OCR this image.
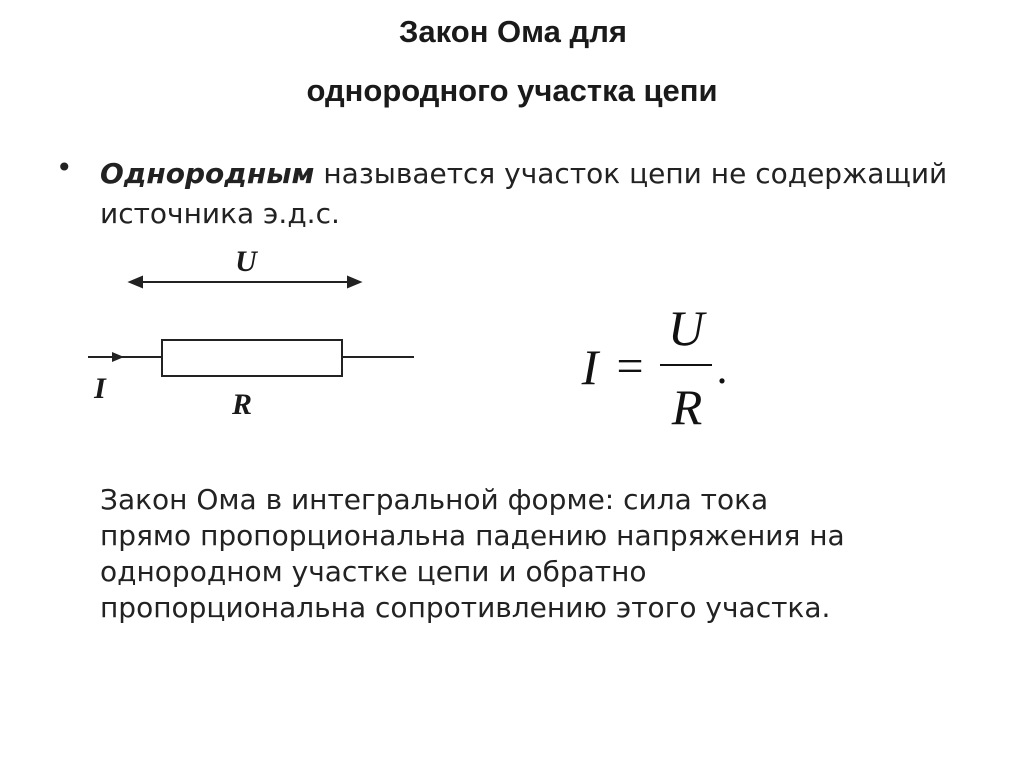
Закон Ома для
однородного участка цепи
• Однородным называется участок цепи не содержащий источника э.д.с.
U
I	R
I =
U
R
.
Закон Ома в интегральной форме: сила тока
прямо пропорциональна падению напряжения на
однородном участке цепи и обратно
пропорциональна сопротивлению этого участка.
